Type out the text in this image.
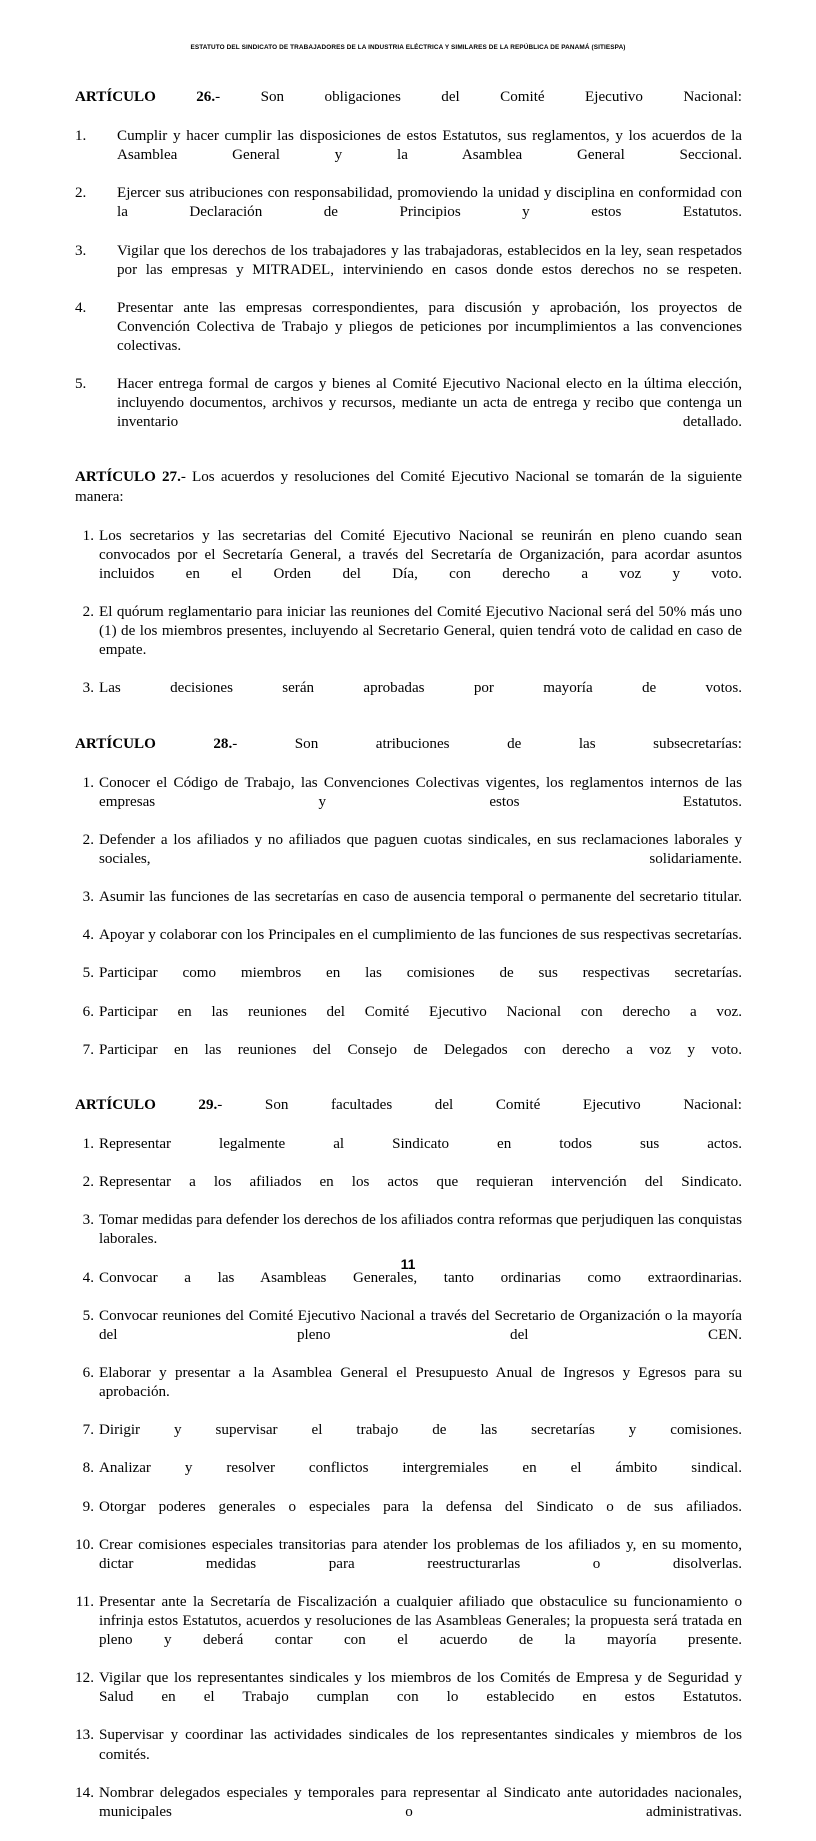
ESTATUTO DEL SINDICATO DE TRABAJADORES DE LA INDUSTRIA ELÉCTRICA Y SIMILARES DE LA REPÚBLICA DE PANAMÁ (SITIESPA)

ARTÍCULO 26.- Son obligaciones del Comité Ejecutivo Nacional:

1.	Cumplir y hacer cumplir las disposiciones de estos Estatutos, sus reglamentos, y los acuerdos de la Asamblea General y la Asamblea General Seccional.
2.	Ejercer sus atribuciones con responsabilidad, promoviendo la unidad y disciplina en conformidad con la Declaración de Principios y estos Estatutos.
3.	Vigilar que los derechos de los trabajadores y las trabajadoras, establecidos en la ley, sean respetados por las empresas y MITRADEL, interviniendo en casos donde estos derechos no se respeten.
4.	Presentar ante las empresas correspondientes, para discusión y aprobación, los proyectos de Convención Colectiva de Trabajo y pliegos de peticiones por incumplimientos a las convenciones colectivas.
5.	Hacer entrega formal de cargos y bienes al Comité Ejecutivo Nacional electo en la última elección, incluyendo documentos, archivos y recursos, mediante un acta de entrega y recibo que contenga un inventario detallado.

ARTÍCULO 27.- Los acuerdos y resoluciones del Comité Ejecutivo Nacional se tomarán de la siguiente manera:

1. Los secretarios y las secretarias del Comité Ejecutivo Nacional se reunirán en pleno cuando sean convocados por el Secretaría General, a través del Secretaría de Organización, para acordar asuntos incluidos en el Orden del Día, con derecho a voz y voto.
2. El quórum reglamentario para iniciar las reuniones del Comité Ejecutivo Nacional será del 50% más uno (1) de los miembros presentes, incluyendo al Secretario General, quien tendrá voto de calidad en caso de empate.
3. Las decisiones serán aprobadas por mayoría de votos.

ARTÍCULO 28.- Son atribuciones de las subsecretarías:

1. Conocer el Código de Trabajo, las Convenciones Colectivas vigentes, los reglamentos internos de las empresas y estos Estatutos.
2. Defender a los afiliados y no afiliados que paguen cuotas sindicales, en sus reclamaciones laborales y sociales, solidariamente.
3. Asumir las funciones de las secretarías en caso de ausencia temporal o permanente del secretario titular.
4. Apoyar y colaborar con los Principales en el cumplimiento de las funciones de sus respectivas secretarías.
5. Participar como miembros en las comisiones de sus respectivas secretarías.
6. Participar en las reuniones del Comité Ejecutivo Nacional con derecho a voz.
7. Participar en las reuniones del Consejo de Delegados con derecho a voz y voto.

ARTÍCULO 29.- Son facultades del Comité Ejecutivo Nacional:

1. Representar legalmente al Sindicato en todos sus actos.
2. Representar a los afiliados en los actos que requieran intervención del Sindicato.
3. Tomar medidas para defender los derechos de los afiliados contra reformas que perjudiquen las conquistas laborales.
4. Convocar a las Asambleas Generales, tanto ordinarias como extraordinarias.
5. Convocar reuniones del Comité Ejecutivo Nacional a través del Secretario de Organización o la mayoría del pleno del CEN.
6. Elaborar y presentar a la Asamblea General el Presupuesto Anual de Ingresos y Egresos para su aprobación.
7. Dirigir y supervisar el trabajo de las secretarías y comisiones.
8. Analizar y resolver conflictos intergremiales en el ámbito sindical.
9. Otorgar poderes generales o especiales para la defensa del Sindicato o de sus afiliados.
10. Crear comisiones especiales transitorias para atender los problemas de los afiliados y, en su momento, dictar medidas para reestructurarlas o disolverlas.
11. Presentar ante la Secretaría de Fiscalización a cualquier afiliado que obstaculice su funcionamiento o infrinja estos Estatutos, acuerdos y resoluciones de las Asambleas Generales; la propuesta será tratada en pleno y deberá contar con el acuerdo de la mayoría presente.
12. Vigilar que los representantes sindicales y los miembros de los Comités de Empresa y de Seguridad y Salud en el Trabajo cumplan con lo establecido en estos Estatutos.
13. Supervisar y coordinar las actividades sindicales de los representantes sindicales y miembros de los comités.
14. Nombrar delegados especiales y temporales para representar al Sindicato ante autoridades nacionales, municipales o administrativas.
11
